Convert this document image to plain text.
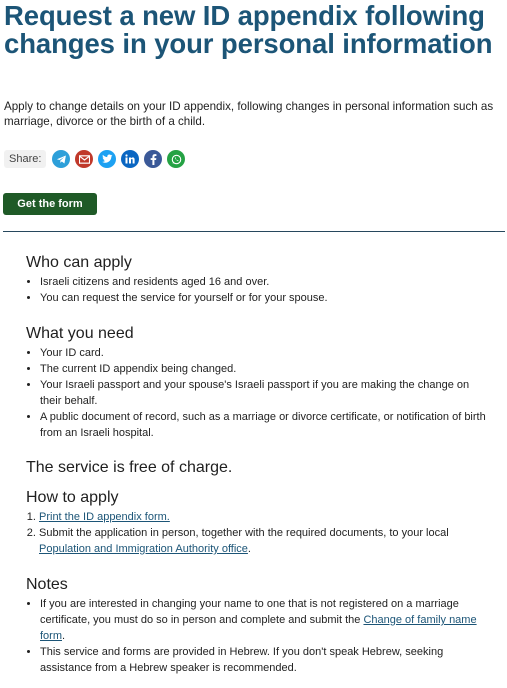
Request a new ID appendix following changes in your personal information

Apply to change details on your ID appendix, following changes in personal information such as marriage, divorce or the birth of a child.

Share:
Get the form
Who can apply
• Israeli citizens and residents aged 16 and over.
• You can request the service for yourself or for your spouse.
What you need
• Your ID card.
• The current ID appendix being changed.
• Your Israeli passport and your spouse's Israeli passport if you are making the change on their behalf.
• A public document of record, such as a marriage or divorce certificate, or notification of birth from an Israeli hospital.
The service is free of charge.
How to apply
1. Print the ID appendix form.
2. Submit the application in person, together with the required documents, to your local Population and Immigration Authority office.
Notes
• If you are interested in changing your name to one that is not registered on a marriage certificate, you must do so in person and complete and submit the Change of family name form.
• This service and forms are provided in Hebrew. If you don't speak Hebrew, seeking assistance from a Hebrew speaker is recommended.
